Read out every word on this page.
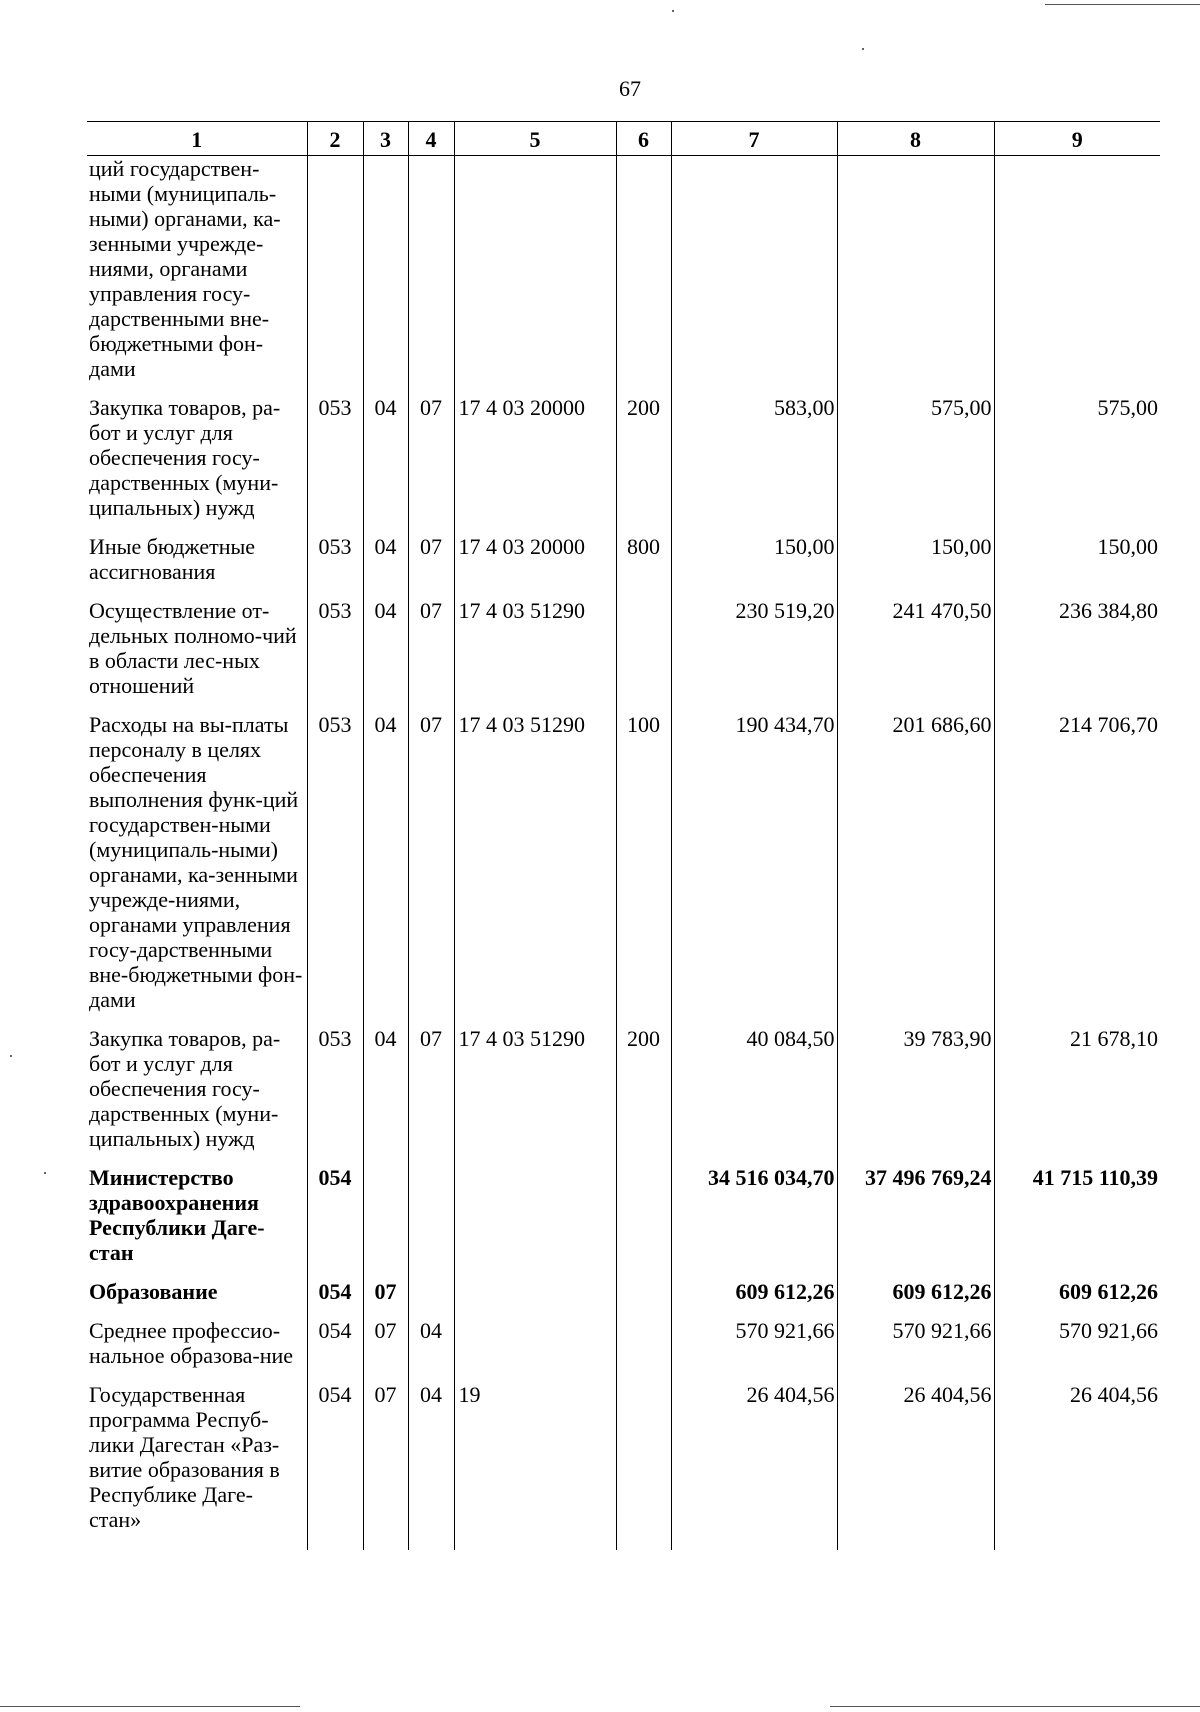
67
1	2	3	4	5	6	7	8	9
ций государствен-ными (муниципаль-ными) органами, ка-зенными учрежде-ниями, органами управления госу-дарственными вне-бюджетными фон-дами								
Закупка товаров, ра-бот и услуг для обеспечения госу-дарственных (муни-ципальных) нужд	053	04	07	17 4 03 20000	200	583,00	575,00	575,00
Иные бюджетные ассигнования	053	04	07	17 4 03 20000	800	150,00	150,00	150,00
Осуществление от-дельных полномо-чий в области лес-ных отношений	053	04	07	17 4 03 51290		230 519,20	241 470,50	236 384,80
Расходы на вы-платы персоналу в целях обеспечения выполнения функ-ций государствен-ными (муниципаль-ными) органами, ка-зенными учрежде-ниями, органами управления госу-дарственными вне-бюджетными фон-дами	053	04	07	17 4 03 51290	100	190 434,70	201 686,60	214 706,70
Закупка товаров, ра-бот и услуг для обеспечения госу-дарственных (муни-ципальных) нужд	053	04	07	17 4 03 51290	200	40 084,50	39 783,90	21 678,10
Министерство здравоохранения Республики Даге-стан	054					34 516 034,70	37 496 769,24	41 715 110,39
Образование	054	07				609 612,26	609 612,26	609 612,26
Среднее профессио-нальное образова-ние	054	07	04			570 921,66	570 921,66	570 921,66
Государственная программа Респуб-лики Дагестан «Раз-витие образования в Республике Даге-стан»	054	07	04	19		26 404,56	26 404,56	26 404,56
